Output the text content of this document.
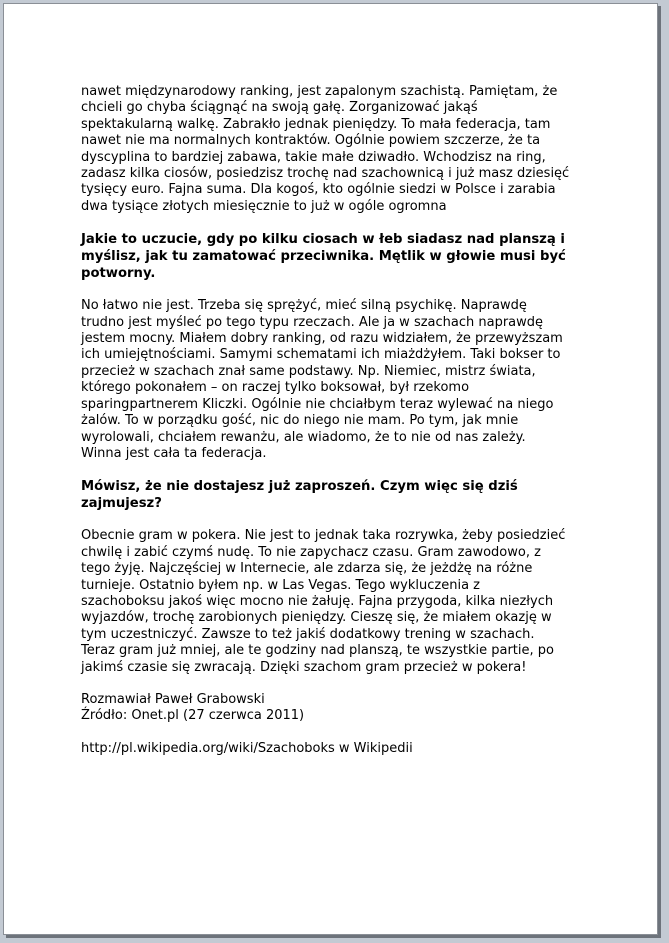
nawet międzynarodowy ranking, jest zapalonym szachistą. Pamiętam, że
chcieli go chyba ściągnąć na swoją gałę. Zorganizować jakąś
spektakularną walkę. Zabrakło jednak pieniędzy. To mała federacja, tam
nawet nie ma normalnych kontraktów. Ogólnie powiem szczerze, że ta
dyscyplina to bardziej zabawa, takie małe dziwadło. Wchodzisz na ring,
zadasz kilka ciosów, posiedzisz trochę nad szachownicą i już masz dziesięć
tysięcy euro. Fajna suma. Dla kogoś, kto ogólnie siedzi w Polsce i zarabia
dwa tysiące złotych miesięcznie to już w ogóle ogromna

Jakie to uczucie, gdy po kilku ciosach w łeb siadasz nad planszą i
myślisz, jak tu zamatować przeciwnika. Mętlik w głowie musi być
potworny.

No łatwo nie jest. Trzeba się sprężyć, mieć silną psychikę. Naprawdę
trudno jest myśleć po tego typu rzeczach. Ale ja w szachach naprawdę
jestem mocny. Miałem dobry ranking, od razu widziałem, że przewyższam
ich umiejętnościami. Samymi schematami ich miażdżyłem. Taki bokser to
przecież w szachach znał same podstawy. Np. Niemiec, mistrz świata,
którego pokonałem – on raczej tylko boksował, był rzekomo
sparingpartnerem Kliczki. Ogólnie nie chciałbym teraz wylewać na niego
żalów. To w porządku gość, nic do niego nie mam. Po tym, jak mnie
wyrolowali, chciałem rewanżu, ale wiadomo, że to nie od nas zależy.
Winna jest cała ta federacja.

Mówisz, że nie dostajesz już zaproszeń. Czym więc się dziś
zajmujesz?

Obecnie gram w pokera. Nie jest to jednak taka rozrywka, żeby posiedzieć
chwilę i zabić czymś nudę. To nie zapychacz czasu. Gram zawodowo, z
tego żyję. Najczęściej w Internecie, ale zdarza się, że jeżdżę na różne
turnieje. Ostatnio byłem np. w Las Vegas. Tego wykluczenia z
szachoboksu jakoś więc mocno nie żałuję. Fajna przygoda, kilka niezłych
wyjazdów, trochę zarobionych pieniędzy. Cieszę się, że miałem okazję w
tym uczestniczyć. Zawsze to też jakiś dodatkowy trening w szachach.
Teraz gram już mniej, ale te godziny nad planszą, te wszystkie partie, po
jakimś czasie się zwracają. Dzięki szachom gram przecież w pokera!

Rozmawiał Paweł Grabowski
Źródło: Onet.pl (27 czerwca 2011)

http://pl.wikipedia.org/wiki/Szachoboks w Wikipedii
